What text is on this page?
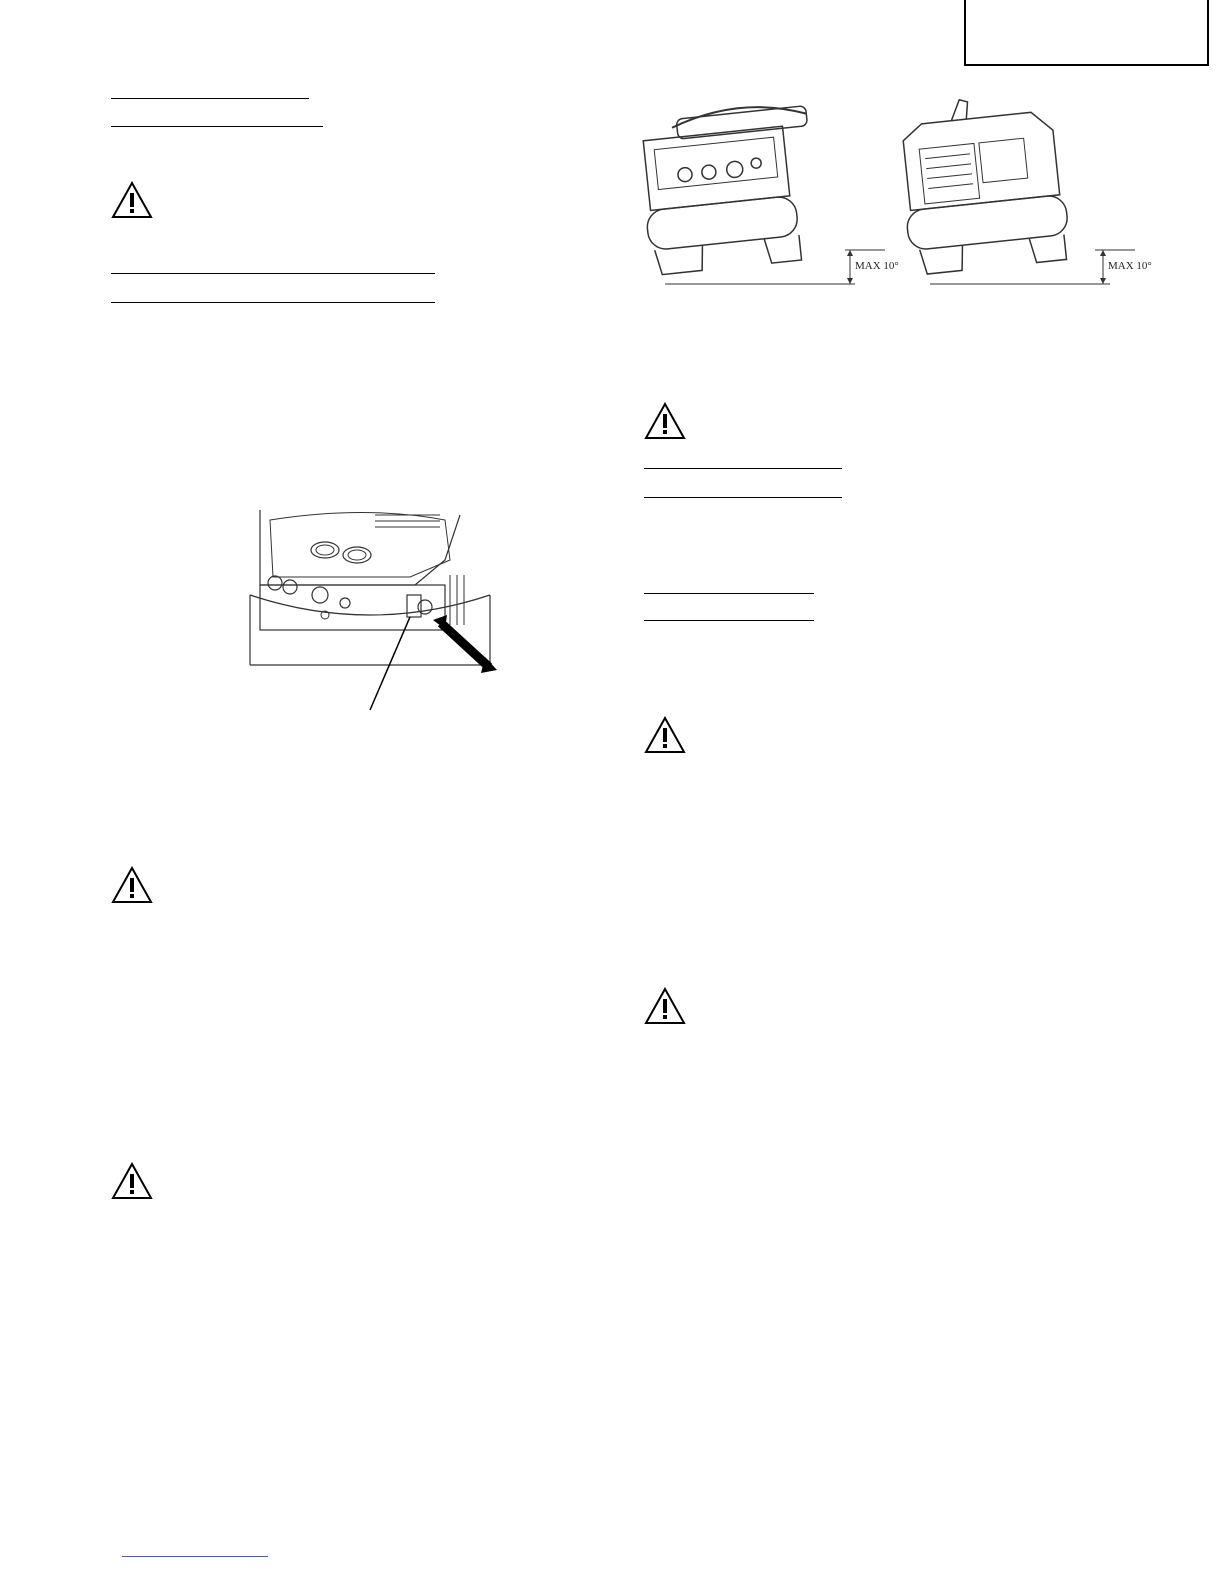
MAX 10°	MAX 10°
